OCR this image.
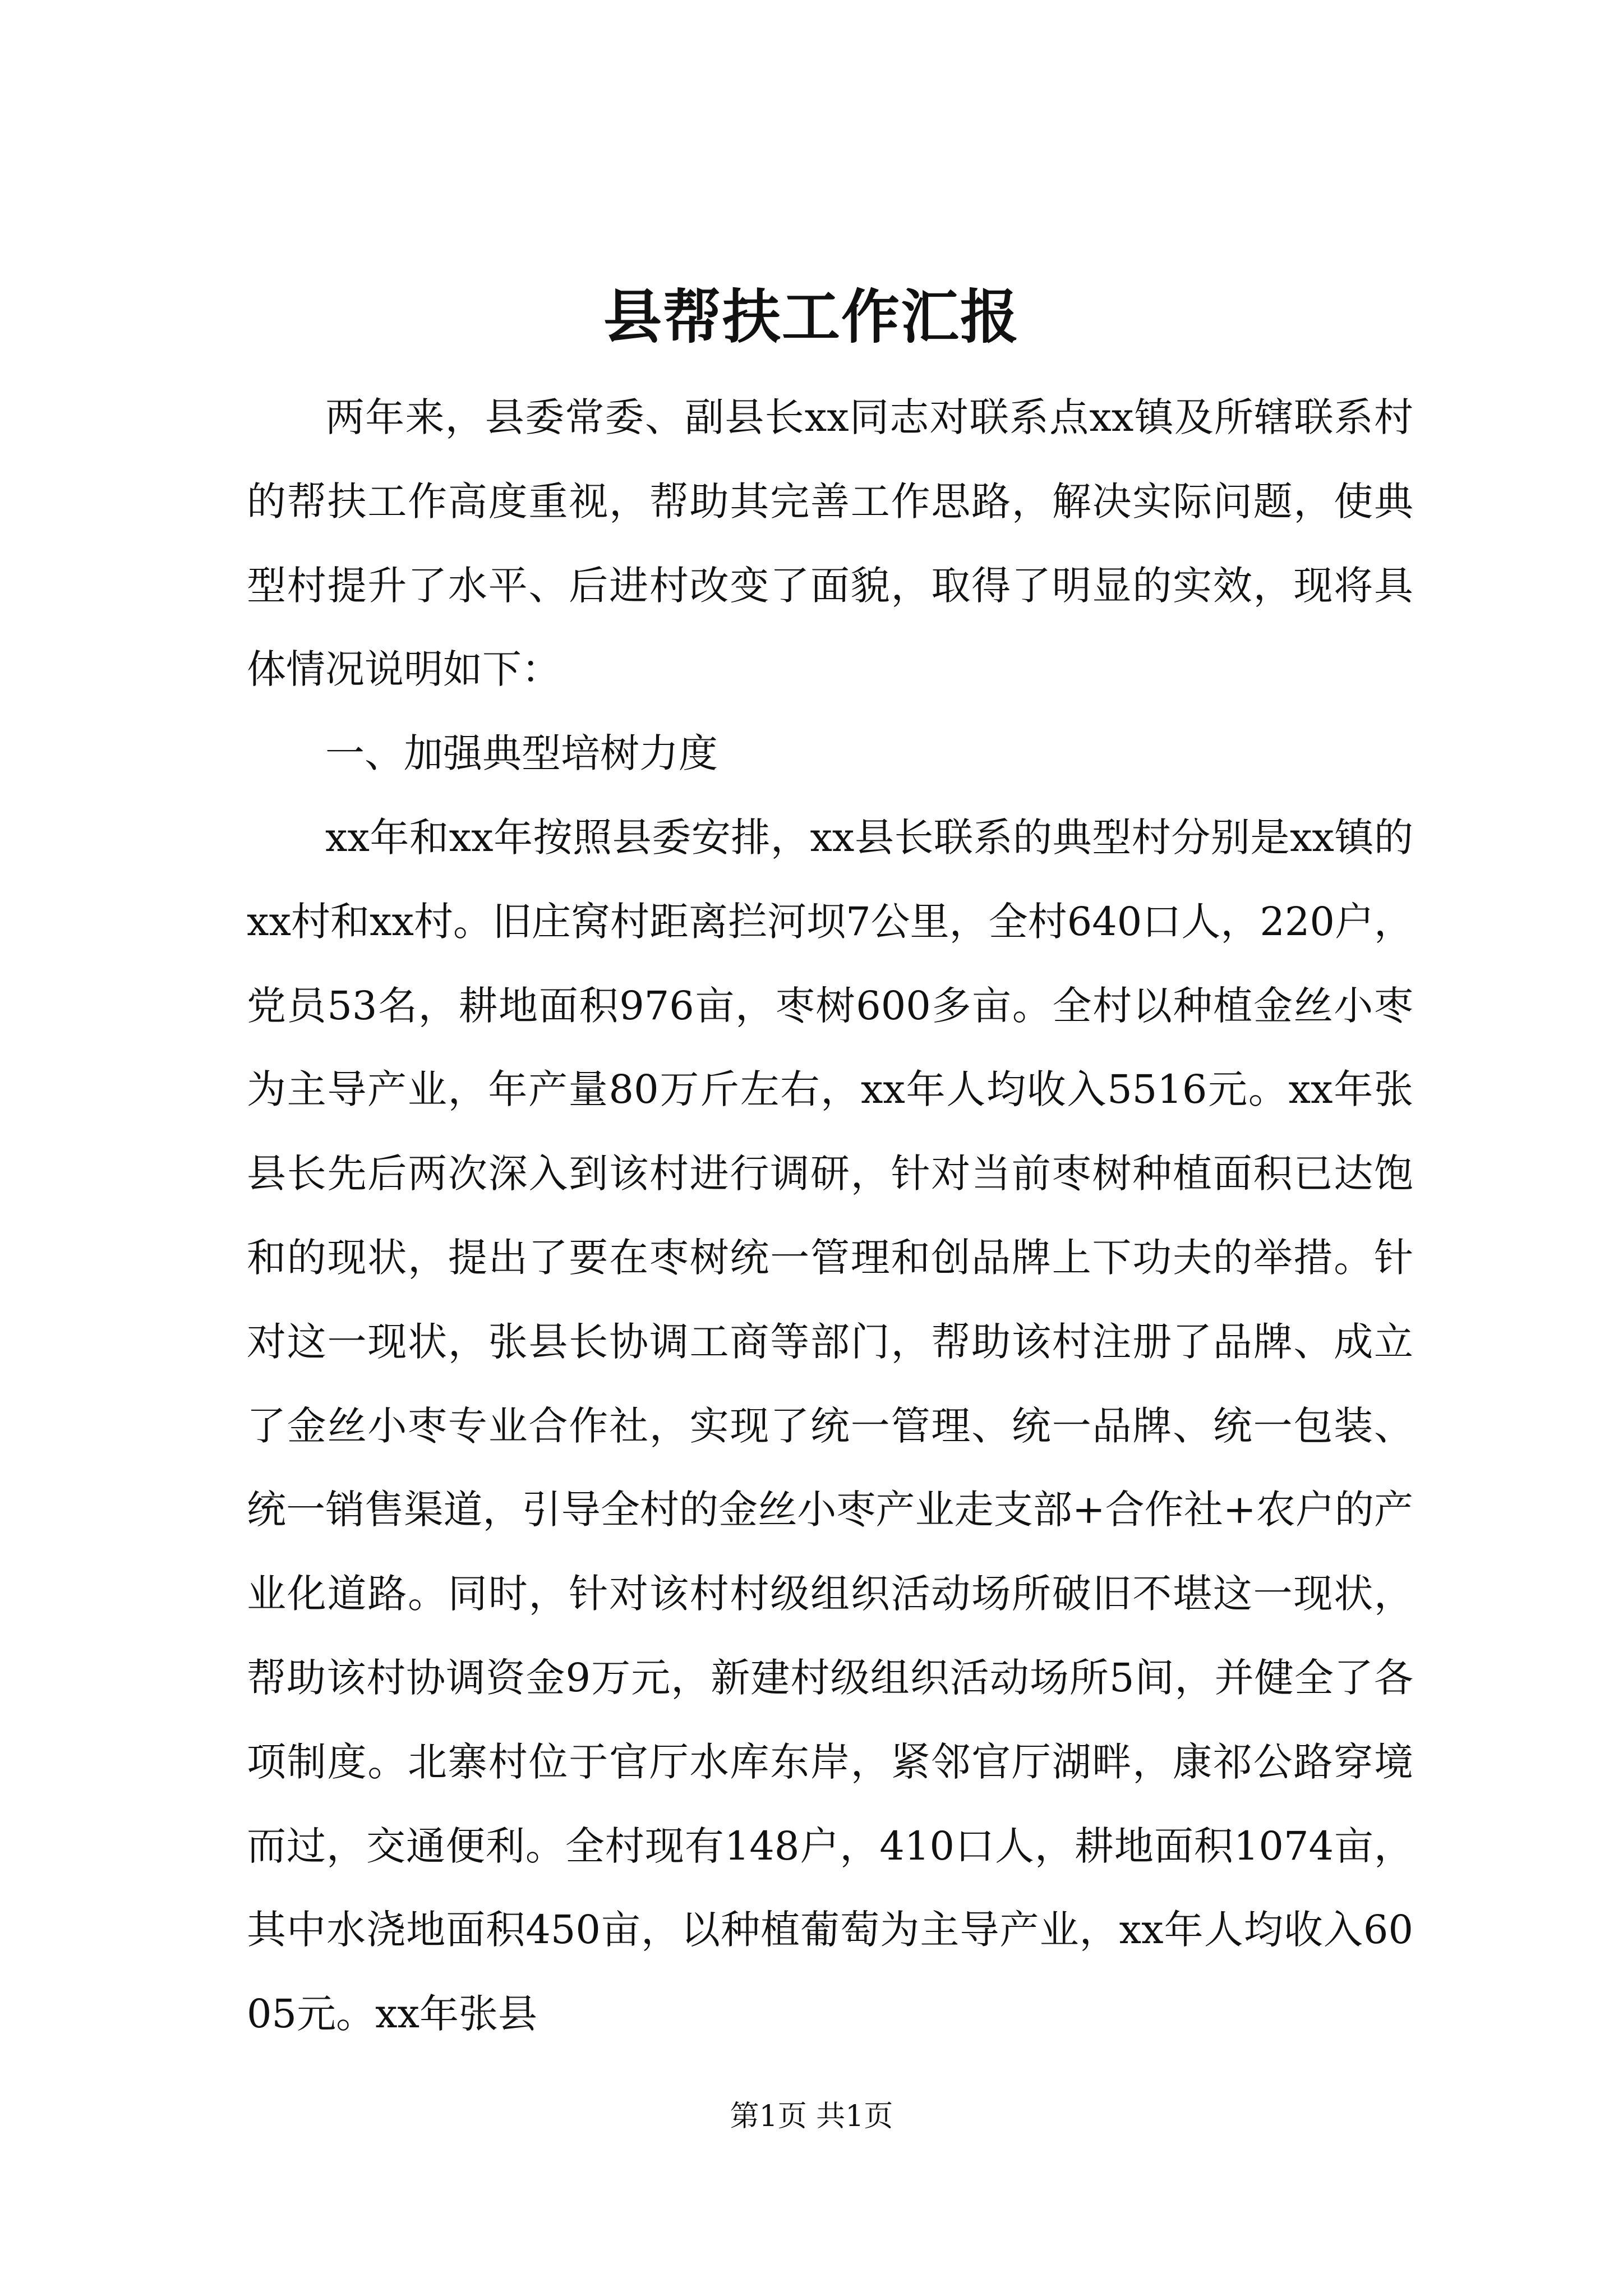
县帮扶工作汇报

两年来，县委常委、副县长xx同志对联系点xx镇及所辖联系村的帮扶工作高度重视，帮助其完善工作思路，解决实际问题，使典型村提升了水平、后进村改变了面貌，取得了明显的实效，现将具体情况说明如下：

一、加强典型培树力度

xx年和xx年按照县委安排，xx县长联系的典型村分别是xx镇的xx村和xx村。旧庄窝村距离拦河坝7公里，全村640口人，220户，党员53名，耕地面积976亩，枣树600多亩。全村以种植金丝小枣为主导产业，年产量80万斤左右，xx年人均收入5516元。xx年张县长先后两次深入到该村进行调研，针对当前枣树种植面积已达饱和的现状，提出了要在枣树统一管理和创品牌上下功夫的举措。针对这一现状，张县长协调工商等部门，帮助该村注册了品牌、成立了金丝小枣专业合作社，实现了统一管理、统一品牌、统一包装、统一销售渠道，引导全村的金丝小枣产业走支部+合作社+农户的产业化道路。同时，针对该村村级组织活动场所破旧不堪这一现状，帮助该村协调资金9万元，新建村级组织活动场所5间，并健全了各项制度。北寨村位于官厅水库东岸，紧邻官厅湖畔，康祁公路穿境而过，交通便利。全村现有148户，410口人，耕地面积1074亩，其中水浇地面积450亩，以种植葡萄为主导产业，xx年人均收入6005元。xx年张县

第1页 共1页
